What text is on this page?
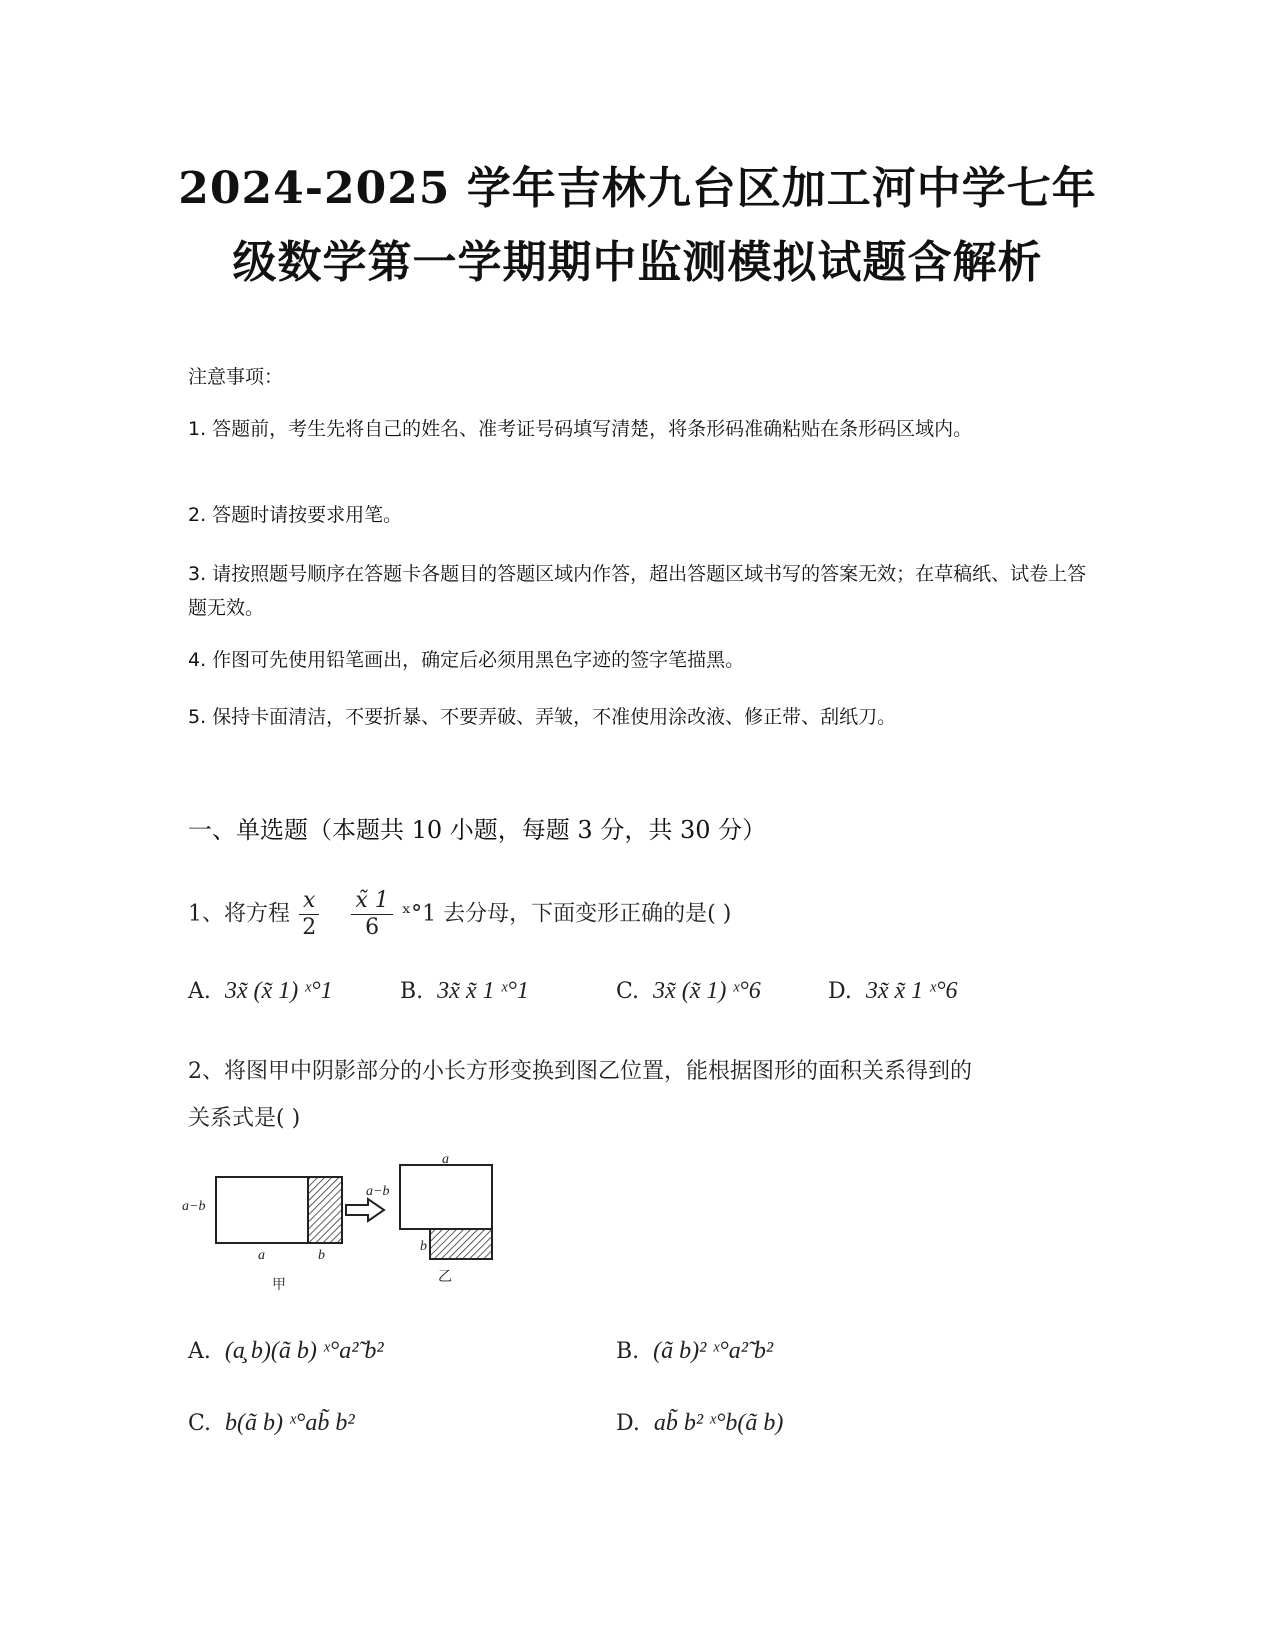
2024-2025 学年吉林九台区加工河中学七年
级数学第一学期期中监测模拟试题含解析
注意事项：
1. 答题前，考生先将自己的姓名、准考证号码填写清楚，将条形码准确粘贴在条形码区域内。
2. 答题时请按要求用笔。
3. 请按照题号顺序在答题卡各题目的答题区域内作答，超出答题区域书写的答案无效；在草稿纸、试卷上答题无效。
4. 作图可先使用铅笔画出，确定后必须用黑色字迹的签字笔描黑。
5. 保持卡面清洁，不要折暴、不要弄破、弄皱，不准使用涂改液、修正带、刮纸刀。
一、单选题（本题共 10 小题，每题 3 分，共 30 分）
1、将方程 $\frac{x}{2}$
$\frac{x̃ 1}{6}$ ˣ°1 去分母，下面变形正确的是( )
A. 3x̃ (x̃ 1) ˣ°1	B. 3x̃ x̃ 1 ˣ°1	C. 3x̃ (x̃ 1) ˣ°6	D. 3x̃ x̃ 1 ˣ°6
2、将图甲中阴影部分的小长方形变换到图乙位置，能根据图形的面积关系得到的
关系式是( )
a−b
a	b
甲
a
a−b
b
乙
A. (a̧ b)(ã b) ˣ°a²̃ b²	B. (ã b)² ˣ°a²̃ b²
C. b(ã b) ˣ°ab̃ b²	D. ab̃ b² ˣ°b(ã b)
